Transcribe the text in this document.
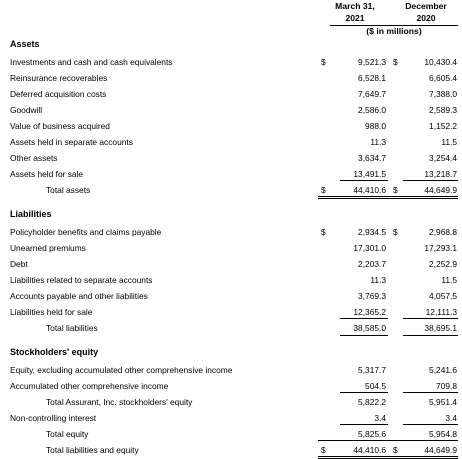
March 31,
2021
December
2020
($ in millions)
Assets
Investments and cash and cash equivalents	$	9,521.3 $	10,430.4
Reinsurance recoverables	6,528.1	6,605.4
Deferred acquisition costs	7,649.7	7,388.0
Goodwill	2,586.0	2,589.3
Value of business acquired	988.0	1,152.2
Assets held in separate accounts	11.3	11.5
Other assets	3,634.7	3,254.4
Assets held for sale	13,491.5	13,218.7
Total assets	$	44,410.6 $	44,649.9
Liabilities
Policyholder benefits and claims payable	$	2,934.5 $	2,968.8
Unearned premiums	17,301.0	17,293.1
Debt	2,203.7	2,252.9
Liabilities related to separate accounts	11.3	11.5
Accounts payable and other liabilities	3,769.3	4,057.5
Liabilities held for sale	12,365.2	12,111.3
Total liabilities	38,585.0	38,695.1
Stockholders' equity
Equity, excluding accumulated other comprehensive income	5,317.7	5,241.6
Accumulated other comprehensive income	504.5	709.8
Total Assurant, Inc. stockholders' equity	5,822.2	5,951.4
Non-controlling interest	3.4	3.4
Total equity	5,825.6	5,954.8
Total liabilities and equity	$	44,410.6 $	44,649.9
